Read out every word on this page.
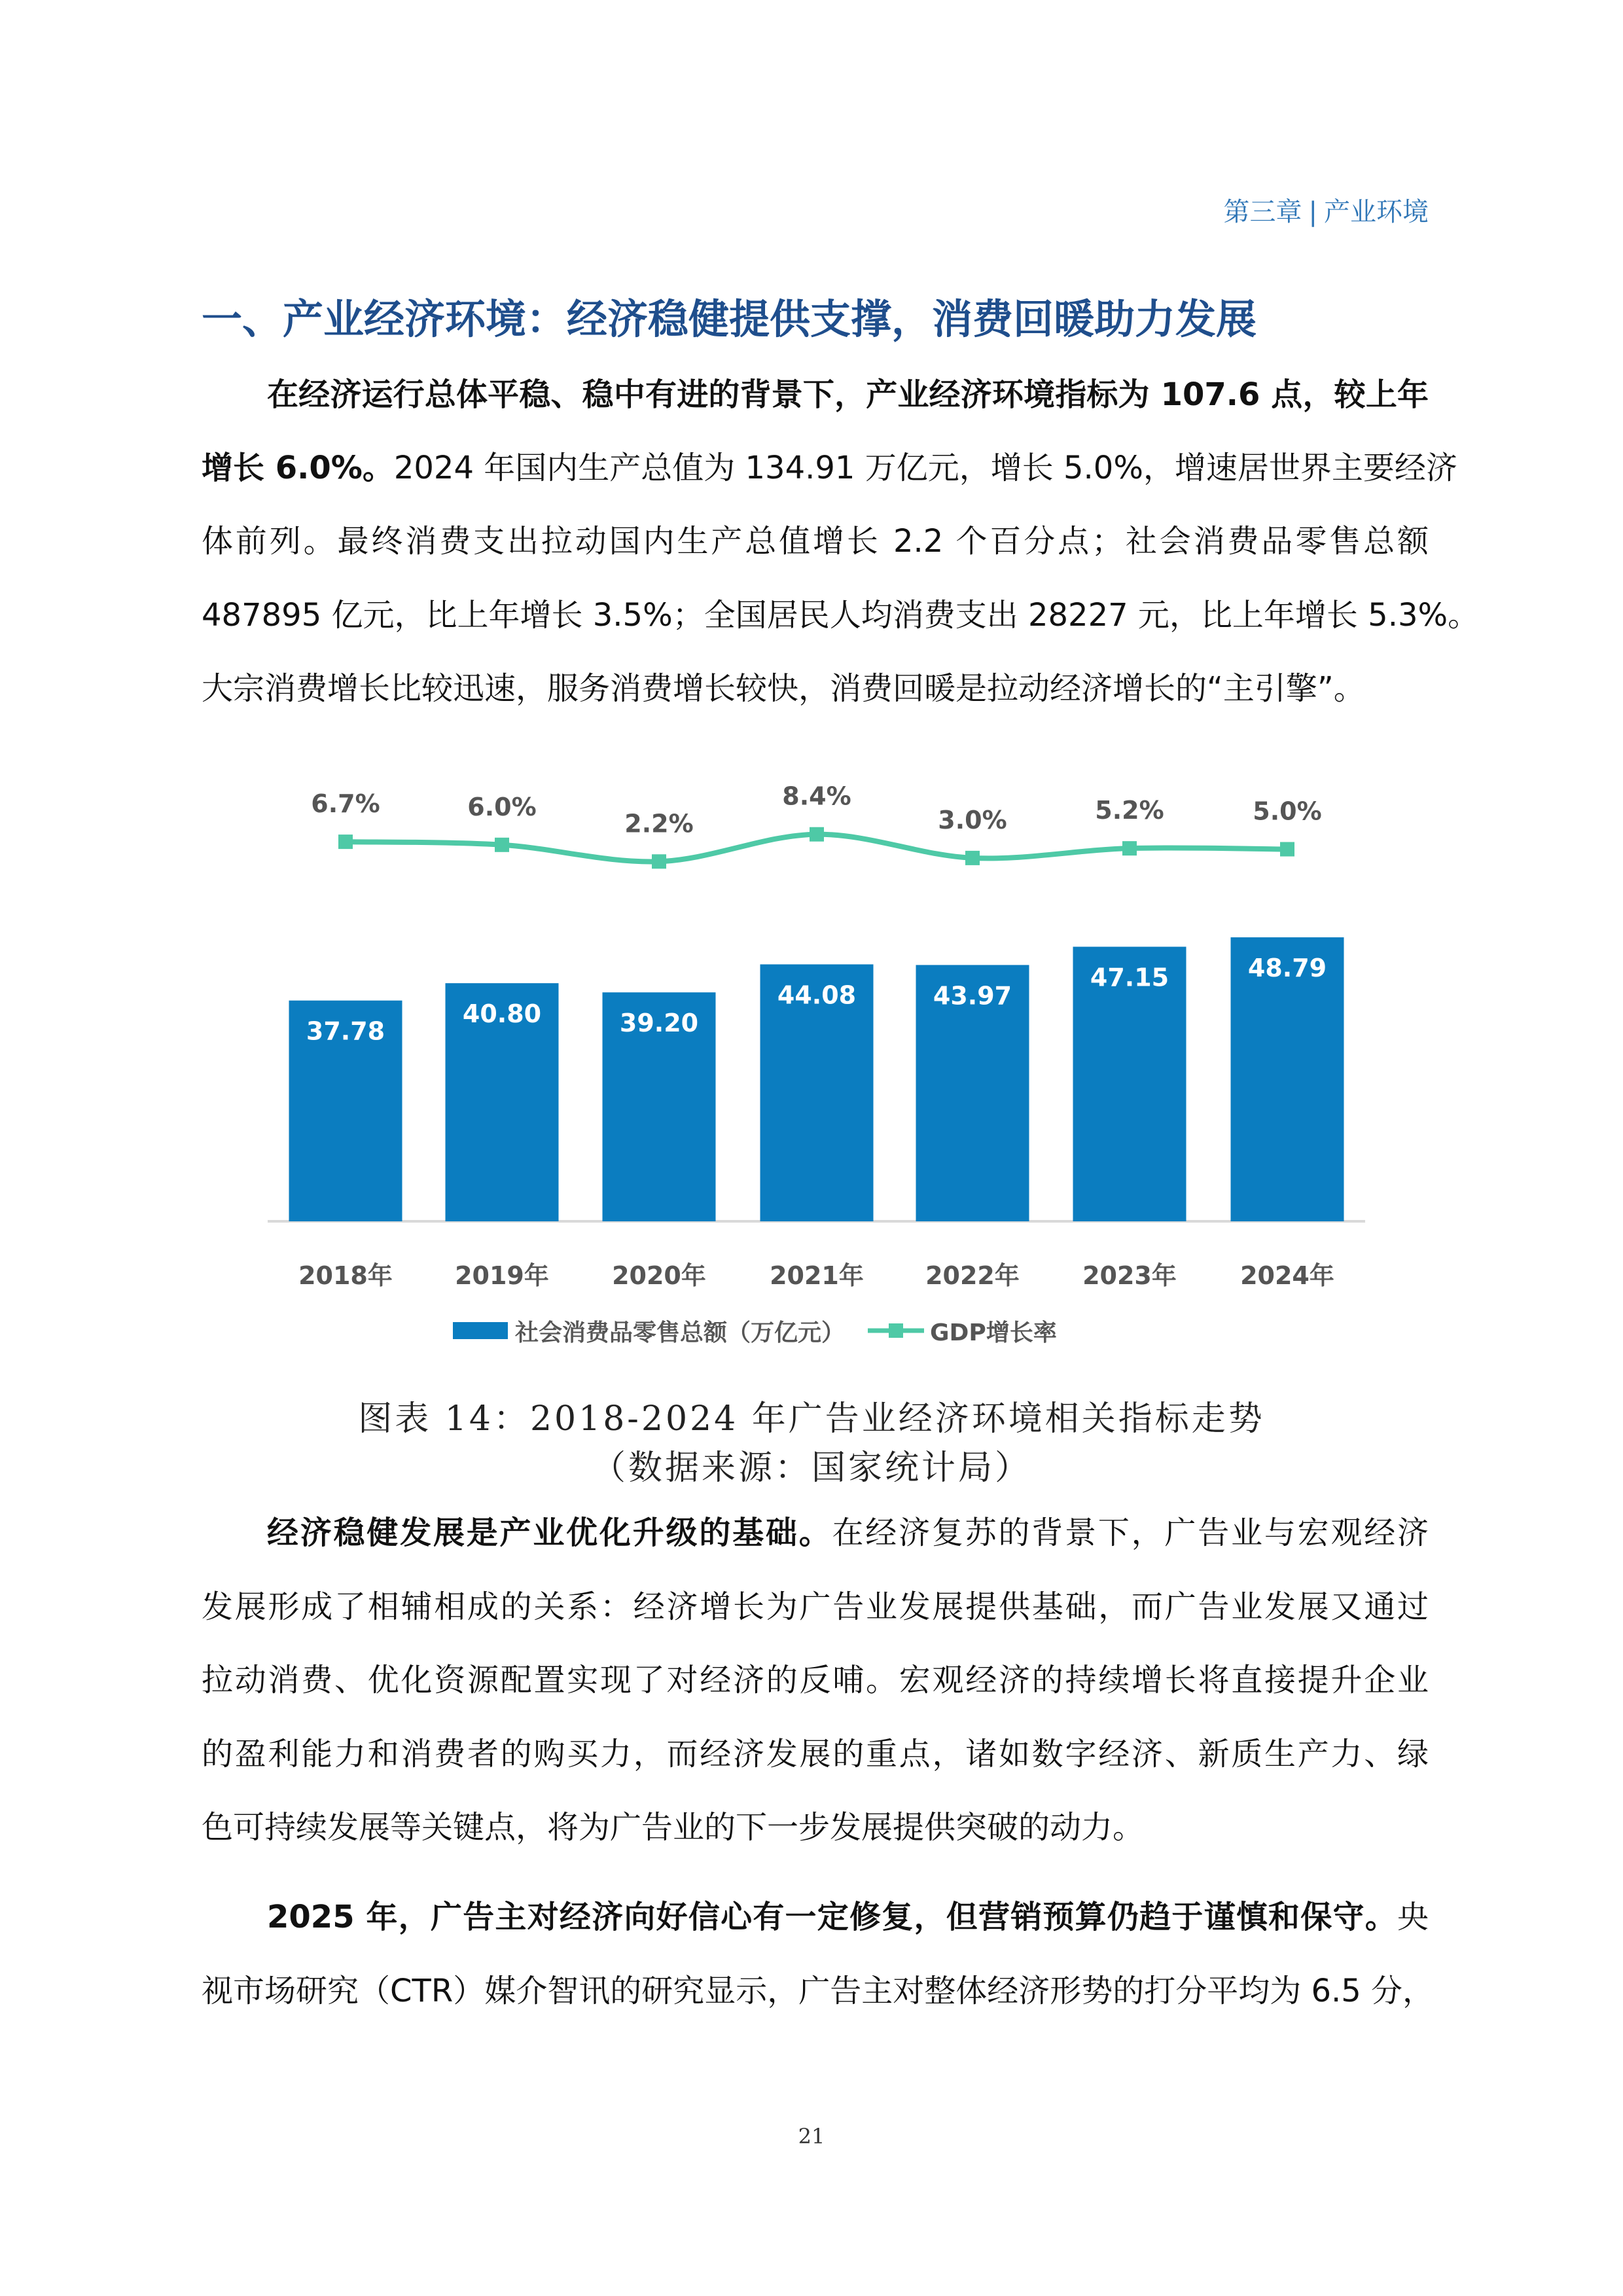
第三章 | 产业环境
一、产业经济环境：经济稳健提供支撑，消费回暖助力发展
在经济运行总体平稳、稳中有进的背景下，产业经济环境指标为 107.6 点，较上年
增长 6.0%。2024 年国内生产总值为 134.91 万亿元，增长 5.0%，增速居世界主要经济
体前列。最终消费支出拉动国内生产总值增长 2.2 个百分点；社会消费品零售总额
487895 亿元，比上年增长 3.5%；全国居民人均消费支出 28227 元，比上年增长 5.3%。
大宗消费增长比较迅速，服务消费增长较快，消费回暖是拉动经济增长的“主引擎”。
37.78
2018年
40.80
2019年
39.20
2020年
44.08
2021年
43.97
2022年
47.15
2023年
48.79
2024年
6.7%	6.0%
2.2%
8.4%
3.0%	5.2%	5.0%
社会消费品零售总额（万亿元）	GDP增长率
图表 14：2018-2024 年广告业经济环境相关指标走势
（数据来源：国家统计局）
经济稳健发展是产业优化升级的基础。在经济复苏的背景下，广告业与宏观经济
发展形成了相辅相成的关系：经济增长为广告业发展提供基础，而广告业发展又通过
拉动消费、优化资源配置实现了对经济的反哺。宏观经济的持续增长将直接提升企业
的盈利能力和消费者的购买力，而经济发展的重点，诸如数字经济、新质生产力、绿
色可持续发展等关键点，将为广告业的下一步发展提供突破的动力。
2025 年，广告主对经济向好信心有一定修复，但营销预算仍趋于谨慎和保守。央
视市场研究（CTR）媒介智讯的研究显示，广告主对整体经济形势的打分平均为 6.5 分，
21
